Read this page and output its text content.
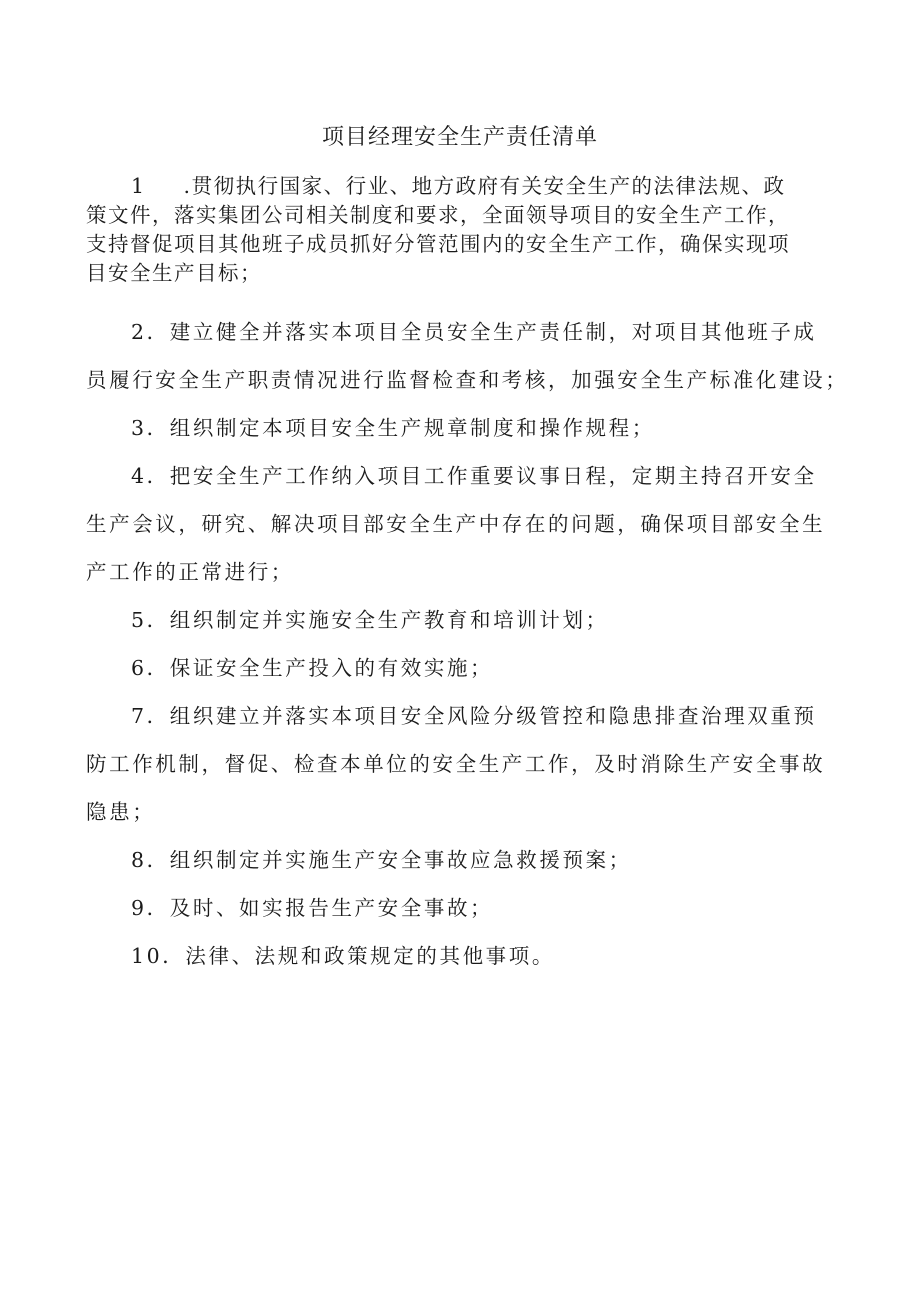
项目经理安全生产责任清单
1 .贯彻执行国家、行业、地方政府有关安全生产的法律法规、政
策文件，落实集团公司相关制度和要求，全面领导项目的安全生产工作，
支持督促项目其他班子成员抓好分管范围内的安全生产工作，确保实现项
目安全生产目标；
2．建立健全并落实本项目全员安全生产责任制，对项目其他班子成
员履行安全生产职责情况进行监督检查和考核，加强安全生产标准化建设；
3．组织制定本项目安全生产规章制度和操作规程；
4．把安全生产工作纳入项目工作重要议事日程，定期主持召开安全
生产会议，研究、解决项目部安全生产中存在的问题，确保项目部安全生
产工作的正常进行；
5．组织制定并实施安全生产教育和培训计划；
6．保证安全生产投入的有效实施；
7．组织建立并落实本项目安全风险分级管控和隐患排查治理双重预
防工作机制，督促、检查本单位的安全生产工作，及时消除生产安全事故
隐患；
8．组织制定并实施生产安全事故应急救援预案；
9．及时、如实报告生产安全事故；
10．法律、法规和政策规定的其他事项。
